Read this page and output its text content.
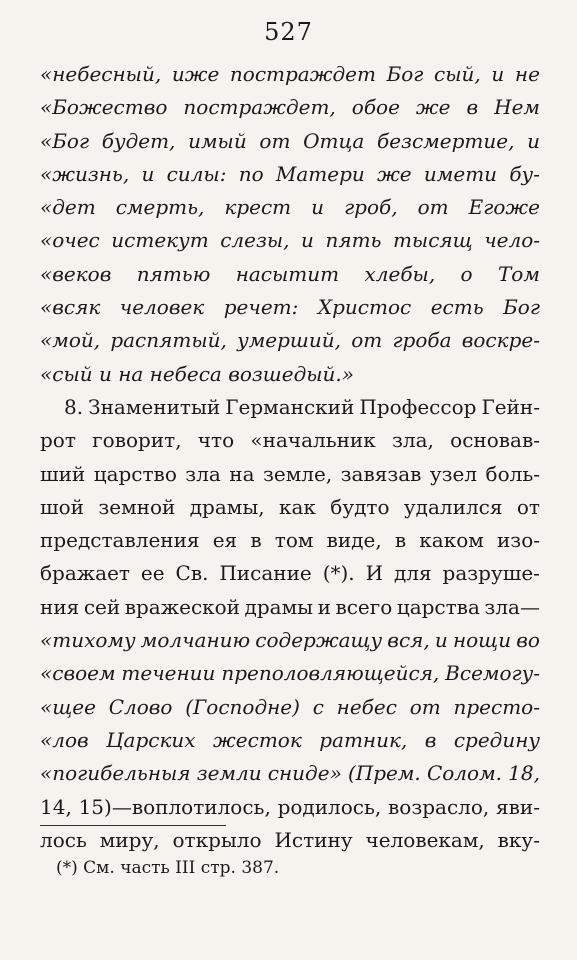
527
«небесный, иже постраждет Бог сый, и не
«Божество постраждет, обое же в Нем
«Бог будет, имый от Отца безсмертие, и
«жизнь, и силы: по Матери же имети бу-
«дет смерть, крест и гроб, от Егоже
«очес истекут слезы, и пять тысящ чело-
«веков пятью насытит хлебы, о Том
«всяк человек речет: Христос есть Бог
«мой, распятый, умерший, от гроба воскре-
«сый и на небеса возшедый.»
8. Знаменитый Германский Профессор Гейн-
рот говорит, что «начальник зла, основав-
ший царство зла на земле, завязав узел боль-
шой земной драмы, как будто удалился от
представления ея в том виде, в каком изо-
бражает ее Св. Писание (*). И для разруше-
ния сей вражеской драмы и всего царства зла—
«тихому молчанию содержащу вся, и нощи во
«своем течении преполовляющейся, Всемогу-
«щее Слово (Господне) с небес от престо-
«лов Царских жесток ратник, в средину
«погибельныя земли сниде» (Прем. Солом. 18,
14, 15)—воплотилось, родилось, возрасло, яви-
лось миру, открыло Истину человекам, вку-
(*) См. часть III стр. 387.
